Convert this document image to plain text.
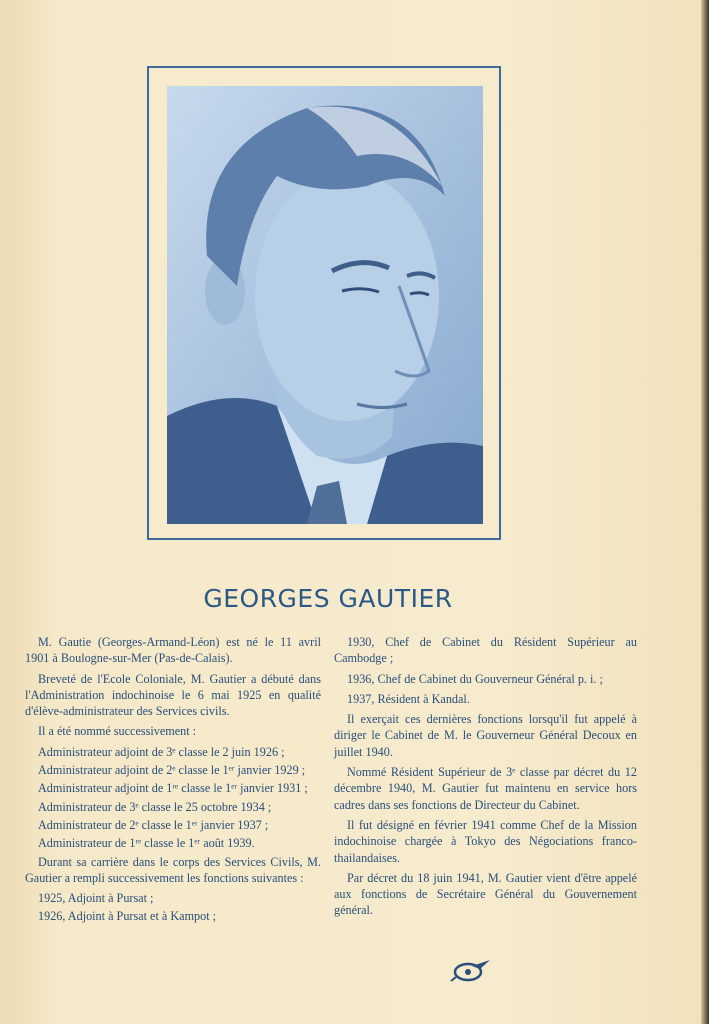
GEORGES GAUTIER

M. Gautie (Georges-Armand-Léon) est né le 11 avril 1901 à Boulogne-sur-Mer (Pas-de-Calais).

Breveté de l'Ecole Coloniale, M. Gautier a débuté dans l'Administration indochinoise le 6 mai 1925 en qualité d'élève-administrateur des Services civils.

Il a été nommé successivement :

Administrateur adjoint de 3ᵉ classe le 2 juin 1926 ;

Administrateur adjoint de 2ᵉ classe le 1ᵉʳ janvier 1929 ;

Administrateur adjoint de 1ʳᵉ classe le 1ᵉʳ janvier 1931 ;

Administrateur de 3ᵉ classe le 25 octobre 1934 ;

Administrateur de 2ᵉ classe le 1ᵉʳ janvier 1937 ;

Administrateur de 1ʳᵉ classe le 1ᵉʳ août 1939.

Durant sa carrière dans le corps des Services Civils, M. Gautier a rempli successivement les fonctions suivantes :

1925, Adjoint à Pursat ;

1926, Adjoint à Pursat et à Kampot ;

1930, Chef de Cabinet du Résident Supérieur au Cambodge ;

1936, Chef de Cabinet du Gouverneur Général p. i. ;

1937, Résident à Kandal.

Il exerçait ces dernières fonctions lorsqu'il fut appelé à diriger le Cabinet de M. le Gouverneur Général Decoux en juillet 1940.

Nommé Résident Supérieur de 3ᵉ classe par décret du 12 décembre 1940, M. Gautier fut maintenu en service hors cadres dans ses fonctions de Directeur du Cabinet.

Il fut désigné en février 1941 comme Chef de la Mission indochinoise chargée à Tokyo des Négociations franco-thailandaises.

Par décret du 18 juin 1941, M. Gautier vient d'être appelé aux fonctions de Secrétaire Général du Gouvernement général.
